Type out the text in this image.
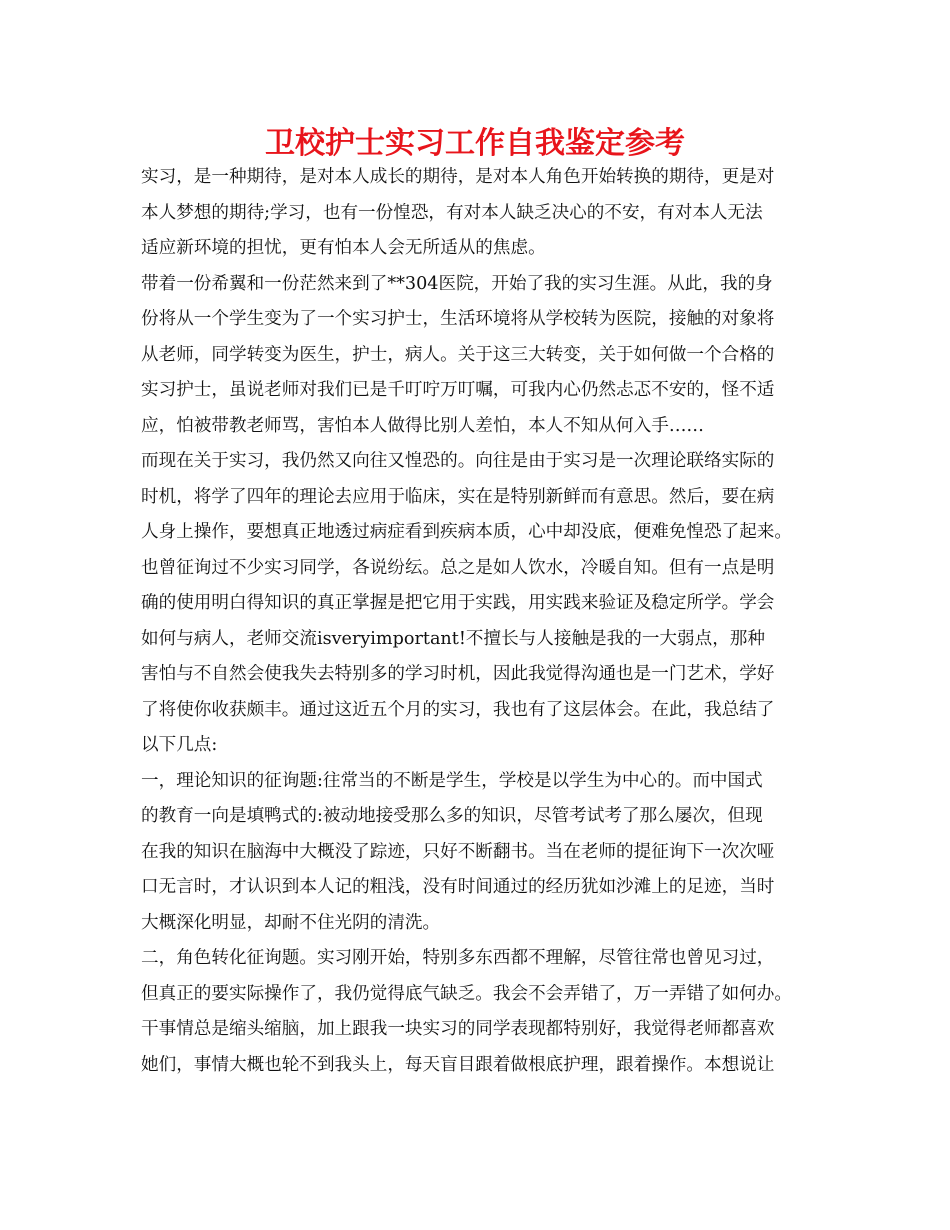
卫校护士实习工作自我鉴定参考

实习，是一种期待，是对本人成长的期待，是对本人角色开始转换的期待，更是对
本人梦想的期待;学习，也有一份惶恐，有对本人缺乏决心的不安，有对本人无法
适应新环境的担忧，更有怕本人会无所适从的焦虑。

带着一份希翼和一份茫然来到了**304医院，开始了我的实习生涯。从此，我的身
份将从一个学生变为了一个实习护士，生活环境将从学校转为医院，接触的对象将
从老师，同学转变为医生，护士，病人。关于这三大转变，关于如何做一个合格的
实习护士，虽说老师对我们已是千叮咛万叮嘱，可我内心仍然忐忑不安的，怪不适
应，怕被带教老师骂，害怕本人做得比别人差怕，本人不知从何入手……

而现在关于实习，我仍然又向往又惶恐的。向往是由于实习是一次理论联络实际的
时机，将学了四年的理论去应用于临床，实在是特别新鲜而有意思。然后，要在病
人身上操作，要想真正地透过病症看到疾病本质，心中却没底，便难免惶恐了起来。
也曾征询过不少实习同学，各说纷纭。总之是如人饮水，冷暖自知。但有一点是明
确的使用明白得知识的真正掌握是把它用于实践，用实践来验证及稳定所学。学会
如何与病人，老师交流isveryimportant!不擅长与人接触是我的一大弱点，那种
害怕与不自然会使我失去特别多的学习时机，因此我觉得沟通也是一门艺术，学好
了将使你收获颇丰。通过这近五个月的实习，我也有了这层体会。在此，我总结了
以下几点:

一，理论知识的征询题:往常当的不断是学生，学校是以学生为中心的。而中国式
的教育一向是填鸭式的:被动地接受那么多的知识，尽管考试考了那么屡次，但现
在我的知识在脑海中大概没了踪迹，只好不断翻书。当在老师的提征询下一次次哑
口无言时，才认识到本人记的粗浅，没有时间通过的经历犹如沙滩上的足迹，当时
大概深化明显，却耐不住光阴的清洗。

二，角色转化征询题。实习刚开始，特别多东西都不理解，尽管往常也曾见习过，
但真正的要实际操作了，我仍觉得底气缺乏。我会不会弄错了，万一弄错了如何办。
干事情总是缩头缩脑，加上跟我一块实习的同学表现都特别好，我觉得老师都喜欢
她们，事情大概也轮不到我头上，每天盲目跟着做根底护理，跟着操作。本想说让
